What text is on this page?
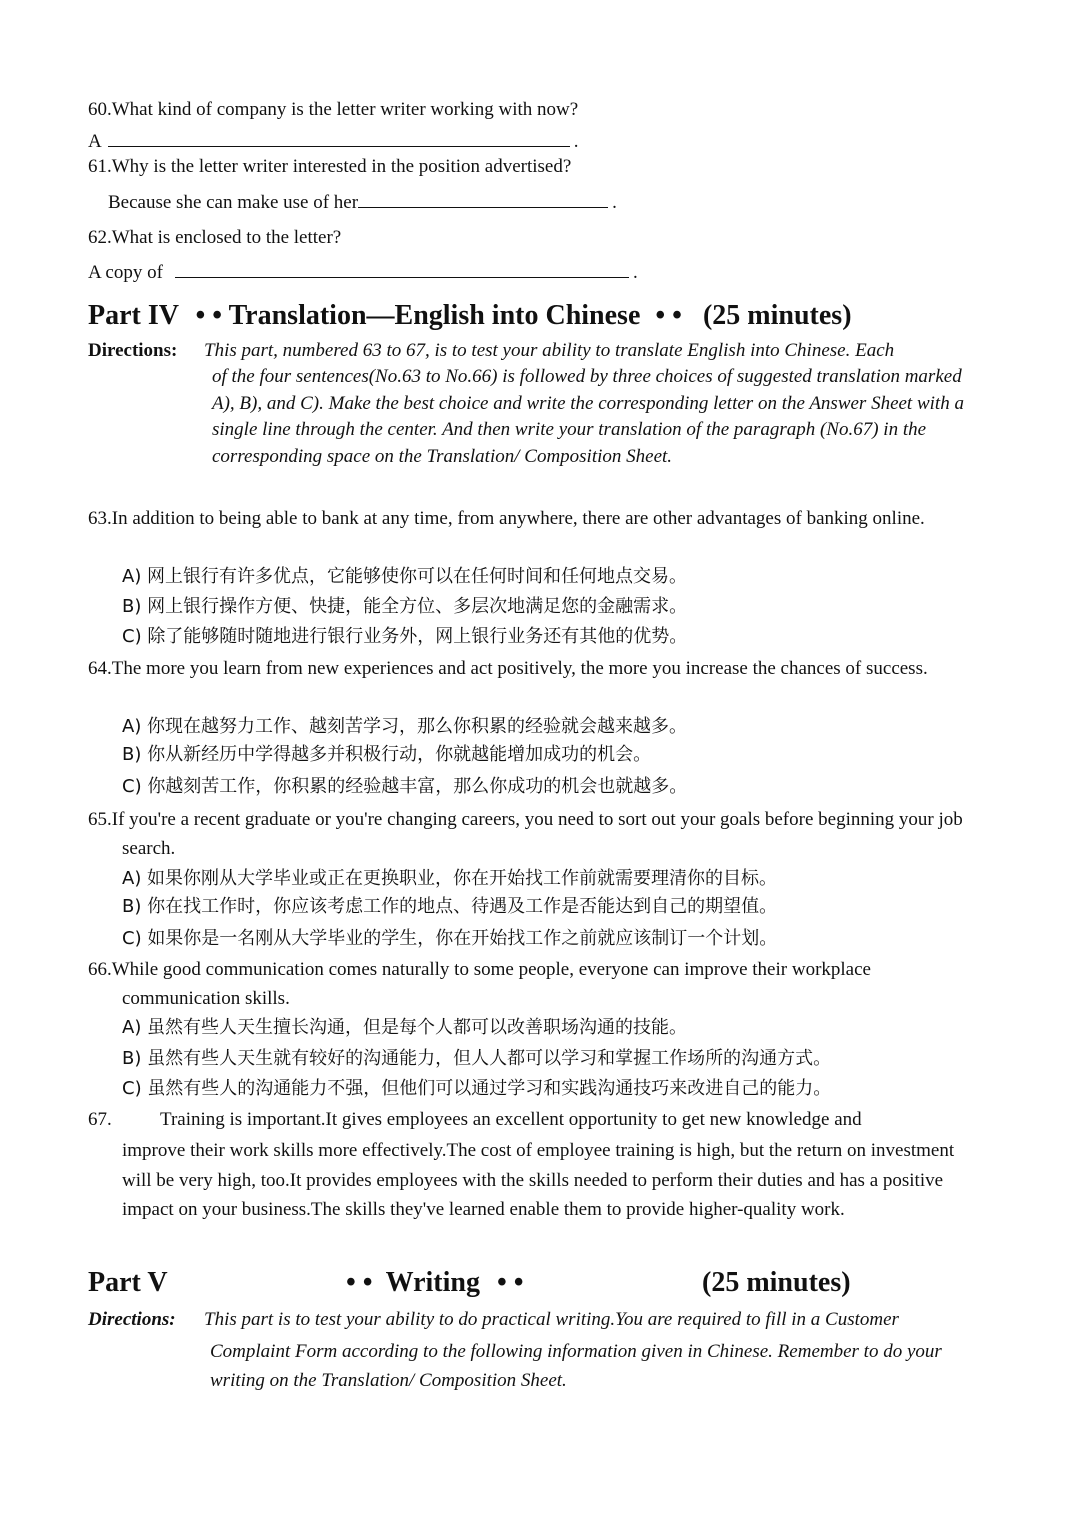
60.What kind of company is the letter writer working with now?
A	.
61.Why is the letter writer interested in the position advertised?
Because she can make use of her	.
62.What is enclosed to the letter?
A copy of	.
Part IV • • Translation—English into Chinese • • (25 minutes)
Directions: This part, numbered 63 to 67, is to test your ability to translate English into Chinese. Each
of the four sentences(No.63 to No.66) is followed by three choices of suggested translation marked A), B), and C). Make the best choice and write the corresponding letter on the Answer Sheet with a single line through the center. And then write your translation of the paragraph (No.67) in the corresponding space on the Translation/ Composition Sheet.
63.In addition to being able to bank at any time, from anywhere, there are other advantages of banking online.
A) 网上银行有许多优点，它能够使你可以在任何时间和任何地点交易。
B) 网上银行操作方便、快捷，能全方位、多层次地满足您的金融需求。
C) 除了能够随时随地进行银行业务外，网上银行业务还有其他的优势。
64.The more you learn from new experiences and act positively, the more you increase the chances of success.
A) 你现在越努力工作、越刻苦学习，那么你积累的经验就会越来越多。
B) 你从新经历中学得越多并积极行动，你就越能增加成功的机会。
C) 你越刻苦工作，你积累的经验越丰富，那么你成功的机会也就越多。
65.If you're a recent graduate or you're changing careers, you need to sort out your goals before beginning your job search.
A) 如果你刚从大学毕业或正在更换职业，你在开始找工作前就需要理清你的目标。
B) 你在找工作时，你应该考虑工作的地点、待遇及工作是否能达到自己的期望值。
C) 如果你是一名刚从大学毕业的学生，你在开始找工作之前就应该制订一个计划。
66.While good communication comes naturally to some people, everyone can improve their workplace communication skills.
A) 虽然有些人天生擅长沟通，但是每个人都可以改善职场沟通的技能。
B) 虽然有些人天生就有较好的沟通能力，但人人都可以学习和掌握工作场所的沟通方式。
C) 虽然有些人的沟通能力不强，但他们可以通过学习和实践沟通技巧来改进自己的能力。
67.	Training is important.It gives employees an excellent opportunity to get new knowledge and
improve their work skills more effectively.The cost of employee training is high, but the return on investment will be very high, too.It provides employees with the skills needed to perform their duties and has a positive impact on your business.The skills they've learned enable them to provide higher-quality work.
Part V	• • Writing • •	(25 minutes)
Directions: This part is to test your ability to do practical writing.You are required to fill in a Customer
Complaint Form according to the following information given in Chinese. Remember to do your writing on the Translation/ Composition Sheet.
